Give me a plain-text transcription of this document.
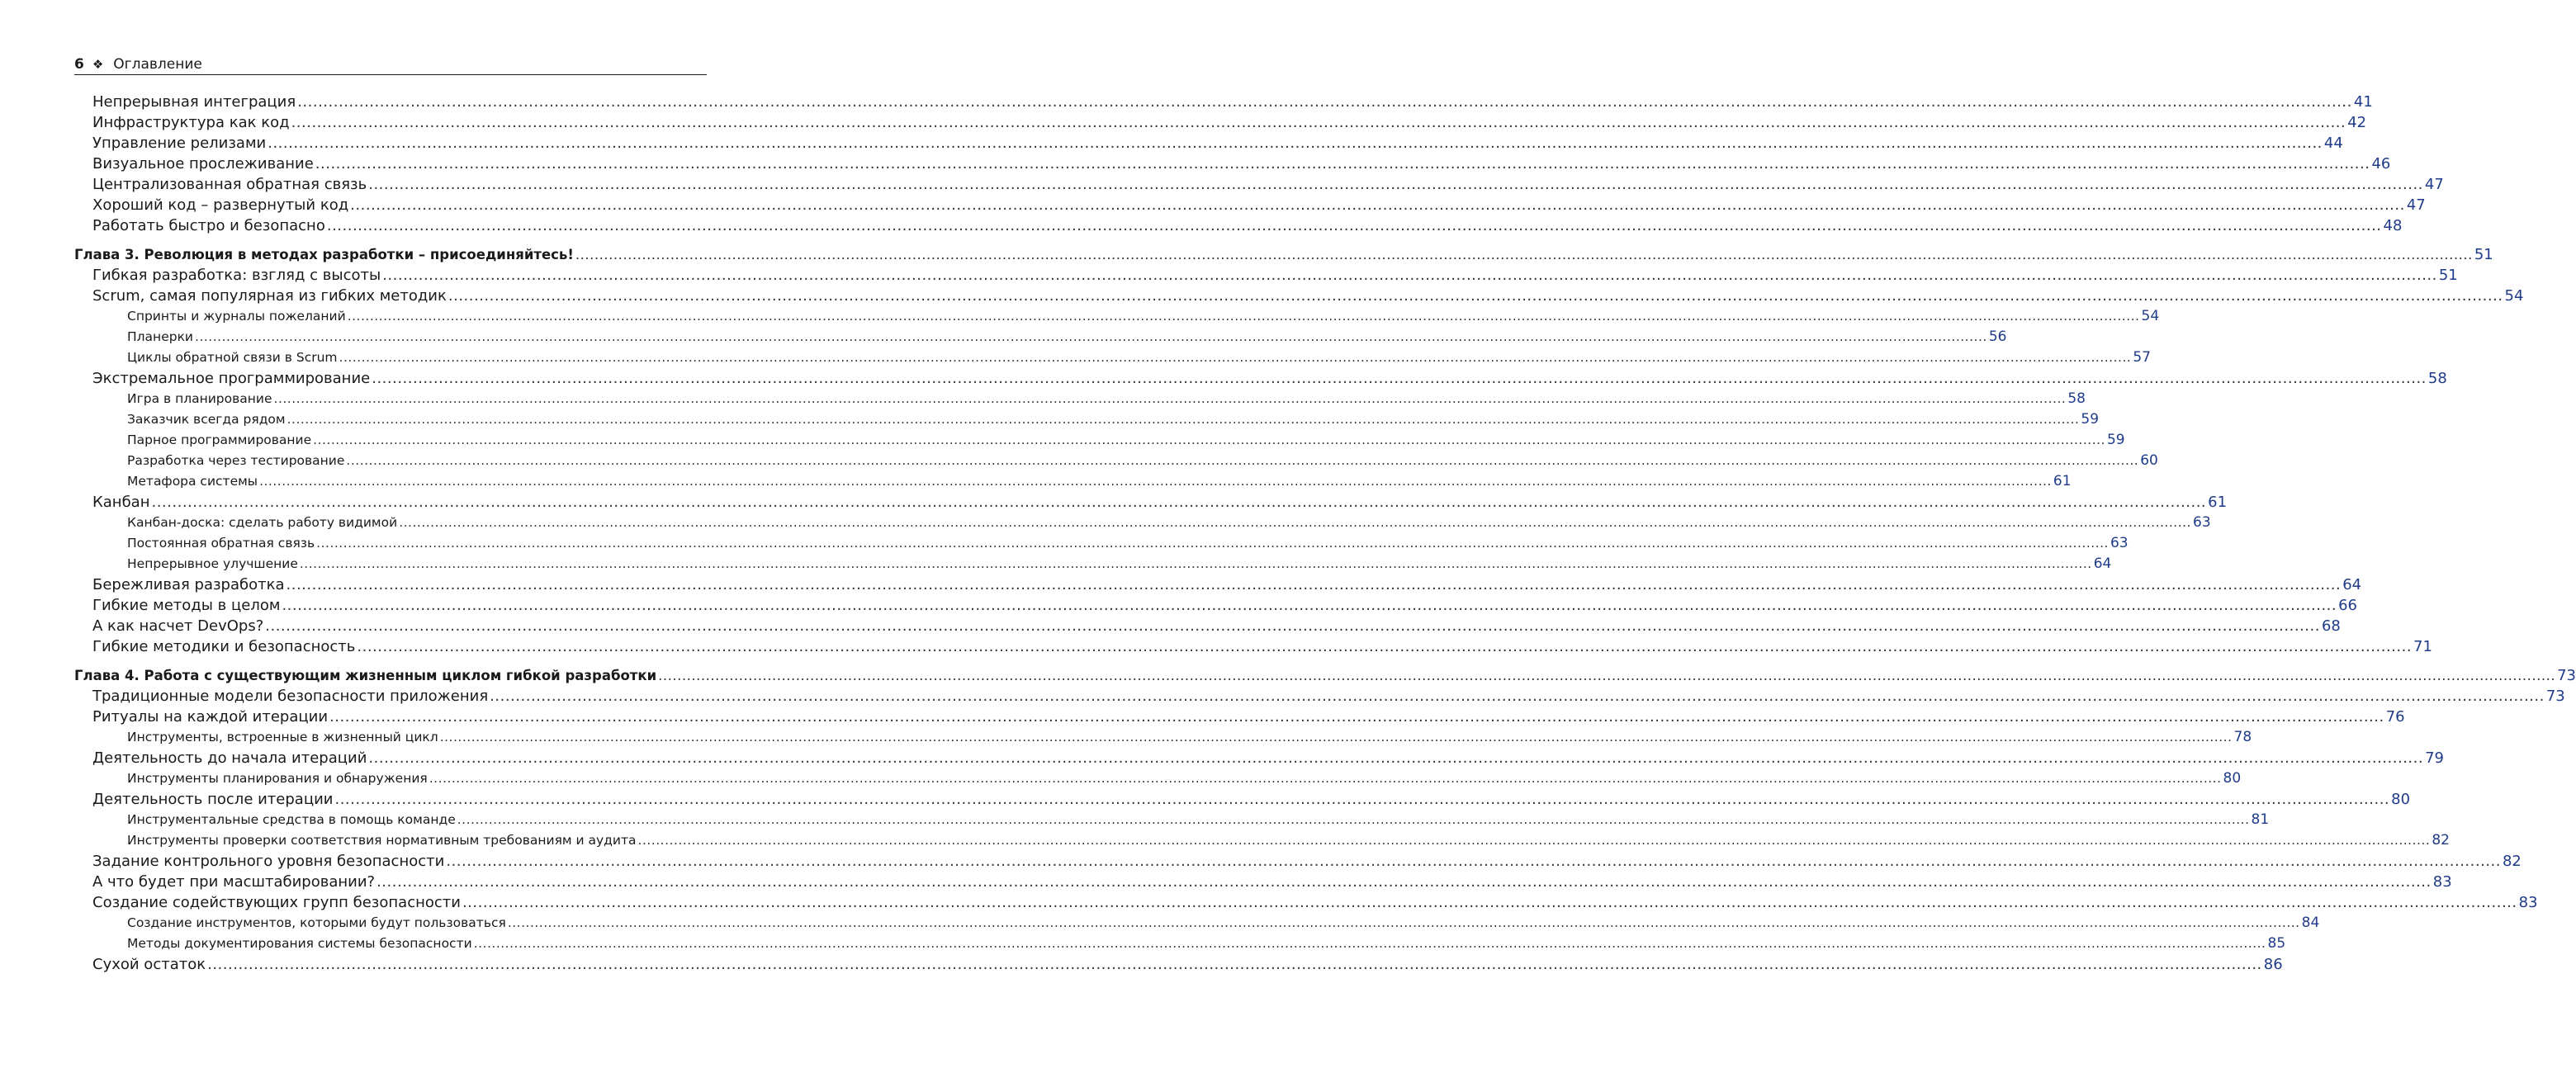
6 ❖ Оглавление
Непрерывная интеграция ................................................................................................................................................................................................................................................................................................................................................................................................................ 41
Инфраструктура как код ................................................................................................................................................................................................................................................................................................................................................................................................................ 42
Управление релизами ................................................................................................................................................................................................................................................................................................................................................................................................................ 44
Визуальное прослеживание ................................................................................................................................................................................................................................................................................................................................................................................................................ 46
Централизованная обратная связь ................................................................................................................................................................................................................................................................................................................................................................................................................ 47
Хороший код – развернутый код ................................................................................................................................................................................................................................................................................................................................................................................................................ 47
Работать быстро и безопасно ................................................................................................................................................................................................................................................................................................................................................................................................................ 48
Глава 3. Революция в методах разработки – присоединяйтесь! ................................................................................................................................................................................................................................................................................................................................................................................................................ 51
Гибкая разработка: взгляд с высоты ................................................................................................................................................................................................................................................................................................................................................................................................................ 51
Scrum, самая популярная из гибких методик ................................................................................................................................................................................................................................................................................................................................................................................................................ 54
Спринты и журналы пожеланий ................................................................................................................................................................................................................................................................................................................................................................................................................ 54
Планерки ................................................................................................................................................................................................................................................................................................................................................................................................................ 56
Циклы обратной связи в Scrum ................................................................................................................................................................................................................................................................................................................................................................................................................ 57
Экстремальное программирование ................................................................................................................................................................................................................................................................................................................................................................................................................ 58
Игра в планирование ................................................................................................................................................................................................................................................................................................................................................................................................................ 58
Заказчик всегда рядом ................................................................................................................................................................................................................................................................................................................................................................................................................ 59
Парное программирование ................................................................................................................................................................................................................................................................................................................................................................................................................ 59
Разработка через тестирование ................................................................................................................................................................................................................................................................................................................................................................................................................ 60
Метафора системы ................................................................................................................................................................................................................................................................................................................................................................................................................ 61
Канбан ................................................................................................................................................................................................................................................................................................................................................................................................................ 61
Канбан-доска: сделать работу видимой ................................................................................................................................................................................................................................................................................................................................................................................................................ 63
Постоянная обратная связь ................................................................................................................................................................................................................................................................................................................................................................................................................ 63
Непрерывное улучшение ................................................................................................................................................................................................................................................................................................................................................................................................................ 64
Бережливая разработка ................................................................................................................................................................................................................................................................................................................................................................................................................ 64
Гибкие методы в целом ................................................................................................................................................................................................................................................................................................................................................................................................................ 66
А как насчет DevOps? ................................................................................................................................................................................................................................................................................................................................................................................................................ 68
Гибкие методики и безопасность ................................................................................................................................................................................................................................................................................................................................................................................................................ 71
Глава 4. Работа с существующим жизненным циклом гибкой разработки ................................................................................................................................................................................................................................................................................................................................................................................................................ 73
Традиционные модели безопасности приложения ................................................................................................................................................................................................................................................................................................................................................................................................................ 73
Ритуалы на каждой итерации ................................................................................................................................................................................................................................................................................................................................................................................................................ 76
Инструменты, встроенные в жизненный цикл ................................................................................................................................................................................................................................................................................................................................................................................................................ 78
Деятельность до начала итераций ................................................................................................................................................................................................................................................................................................................................................................................................................ 79
Инструменты планирования и обнаружения ................................................................................................................................................................................................................................................................................................................................................................................................................ 80
Деятельность после итерации ................................................................................................................................................................................................................................................................................................................................................................................................................ 80
Инструментальные средства в помощь команде ................................................................................................................................................................................................................................................................................................................................................................................................................ 81
Инструменты проверки соответствия нормативным требованиям и аудита ................................................................................................................................................................................................................................................................................................................................................................................................................ 82
Задание контрольного уровня безопасности ................................................................................................................................................................................................................................................................................................................................................................................................................ 82
А что будет при масштабировании? ................................................................................................................................................................................................................................................................................................................................................................................................................ 83
Создание содействующих групп безопасности ................................................................................................................................................................................................................................................................................................................................................................................................................ 83
Создание инструментов, которыми будут пользоваться ................................................................................................................................................................................................................................................................................................................................................................................................................ 84
Методы документирования системы безопасности ................................................................................................................................................................................................................................................................................................................................................................................................................ 85
Сухой остаток ................................................................................................................................................................................................................................................................................................................................................................................................................ 86
